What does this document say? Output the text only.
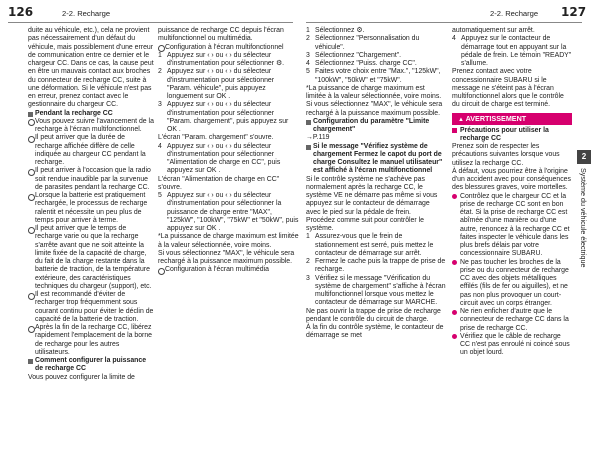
126	2-2. Recharge	2-2. Recharge 127

duite au véhicule, etc.), cela ne provient pas nécessairement d'un défaut du véhicule, mais possiblement d'une erreur de communication entre ce dernier et le chargeur CC. Dans ce cas, la cause peut en être un mauvais contact aux broches du connecteur de recharge CC, suite à une déformation. Si le véhicule n'est pas en erreur, prenez contact avec le gestionnaire du chargeur CC.

Pendant la recharge CC

Vous pouvez suivre l'avancement de la recharge à l'écran multifonctionnel.

Il peut arriver que la durée de recharge affichée diffère de celle indiquée au chargeur CC pendant la recharge.

Il peut arriver à l'occasion que la radio soit rendue inaudible par la survenue de parasites pendant la recharge CC.

Lorsque la batterie est pratiquement rechargée, le processus de recharge ralentit et nécessite un peu plus de temps pour arriver à terme.

Il peut arriver que le temps de recharge varie ou que la recharge s'arrête avant que ne soit atteinte la limite fixée de la capacité de charge, du fait de la charge restante dans la batterie de traction, de la température extérieure, des caractéristiques techniques du chargeur (support), etc.

Il est recommandé d'éviter de recharger trop fréquemment sous courant continu pour éviter le déclin de capacité de la batterie de traction.

Après la fin de la recharge CC, libérez rapidement l'emplacement de la borne de recharge pour les autres utilisateurs.

Comment configurer la puissance de recharge CC

Vous pouvez configurer la limite de

puissance de recharge CC depuis l'écran multifonctionnel ou multimédia.

Configuration à l'écran multifonctionnel

1 Appuyez sur ‹ › ou ‹ › du sélecteur d'instrumentation pour sélectionner ⚙.
2 Appuyez sur ‹ › ou ‹ › du sélecteur d'instrumentation pour sélectionner "Param. véhicule", puis appuyez longuement sur OK .
3 Appuyez sur ‹ › ou ‹ › du sélecteur d'instrumentation pour sélectionner "Param. chargement", puis appuyez sur OK .

L'écran "Param. chargement" s'ouvre.

4 Appuyez sur ‹ › ou ‹ › du sélecteur d'instrumentation pour sélectionner "Alimentation de charge en CC", puis appuyez sur OK .

L'écran "Alimentation de charge en CC" s'ouvre.

5 Appuyez sur ‹ › ou ‹ › du sélecteur d'instrumentation pour sélectionner la puissance de charge entre "MAX", "125kW", "100kW", "75kW" et "50kW", puis appuyez sur OK .

*La puissance de charge maximum est limitée à la valeur sélectionnée, voire moins.

Si vous sélectionnez "MAX", le véhicule sera rechargé à la puissance maximum possible.

Configuration à l'écran multimédia

1 Sélectionnez ⚙.
2 Sélectionnez "Personnalisation du véhicule".
3 Sélectionnez "Chargement".
4 Sélectionnez "Puiss. charge CC".
5 Faites votre choix entre "Max.", "125kW", "100kW", "50kW" et "75kW".

*La puissance de charge maximum est limitée à la valeur sélectionnée, voire moins.

Si vous sélectionnez "MAX", le véhicule sera rechargé à la puissance maximum possible.

Configuration du paramètre "Limite chargement"

→P.119

Si le message "Vérifiez système de chargement Fermez le capot du port de charge Consultez le manuel utilisateur" est affiché à l'écran multifonctionnel

Si le contrôle système ne s'achève pas normalement après la recharge CC, le système VE ne démarre pas même si vous appuyez sur le contacteur de démarrage avec le pied sur la pédale de frein.

Procédez comme suit pour contrôler le système.

1 Assurez-vous que le frein de stationnement est serré, puis mettez le contacteur de démarrage sur arrêt.
2 Fermez le cache puis la trappe de prise de recharge.
3 Vérifiez si le message "Vérification du système de chargement" s'affiche à l'écran multifonctionnel lorsque vous mettez le contacteur de démarrage sur MARCHE.

Ne pas ouvrir la trappe de prise de recharge pendant le contrôle du circuit de charge.

À la fin du contrôle système, le contacteur de démarrage se met

automatiquement sur arrêt.

4 Appuyez sur le contacteur de démarrage tout en appuyant sur la pédale de frein. Le témoin "READY" s'allume.

Prenez contact avec votre concessionnaire SUBARU si le message ne s'éteint pas à l'écran multifonctionnel alors que le contrôle du circuit de charge est terminé.

▲ AVERTISSEMENT

Précautions pour utiliser la recharge CC

Prenez soin de respecter les précautions suivantes lorsque vous utilisez la recharge CC.

À défaut, vous pourriez être à l'origine d'un accident avec pour conséquences des blessures graves, voire mortelles.

Contrôlez que le chargeur CC et la prise de recharge CC sont en bon état. Si la prise de recharge CC est abîmée d'une manière ou d'une autre, renoncez à la recharge CC et faites inspecter le véhicule dans les plus brefs délais par votre concessionnaire SUBARU.

Ne pas toucher les broches de la prise ou du connecteur de recharge CC avec des objets métalliques effilés (fils de fer ou aiguilles), et ne pas non plus provoquer un court-circuit avec un corps étranger.

Ne rien enficher d'autre que le connecteur de recharge CC dans la prise de recharge CC.

Vérifiez que le câble de recharge CC n'est pas enroulé ni coincé sous un objet lourd.

2
Système du véhicule électrique
